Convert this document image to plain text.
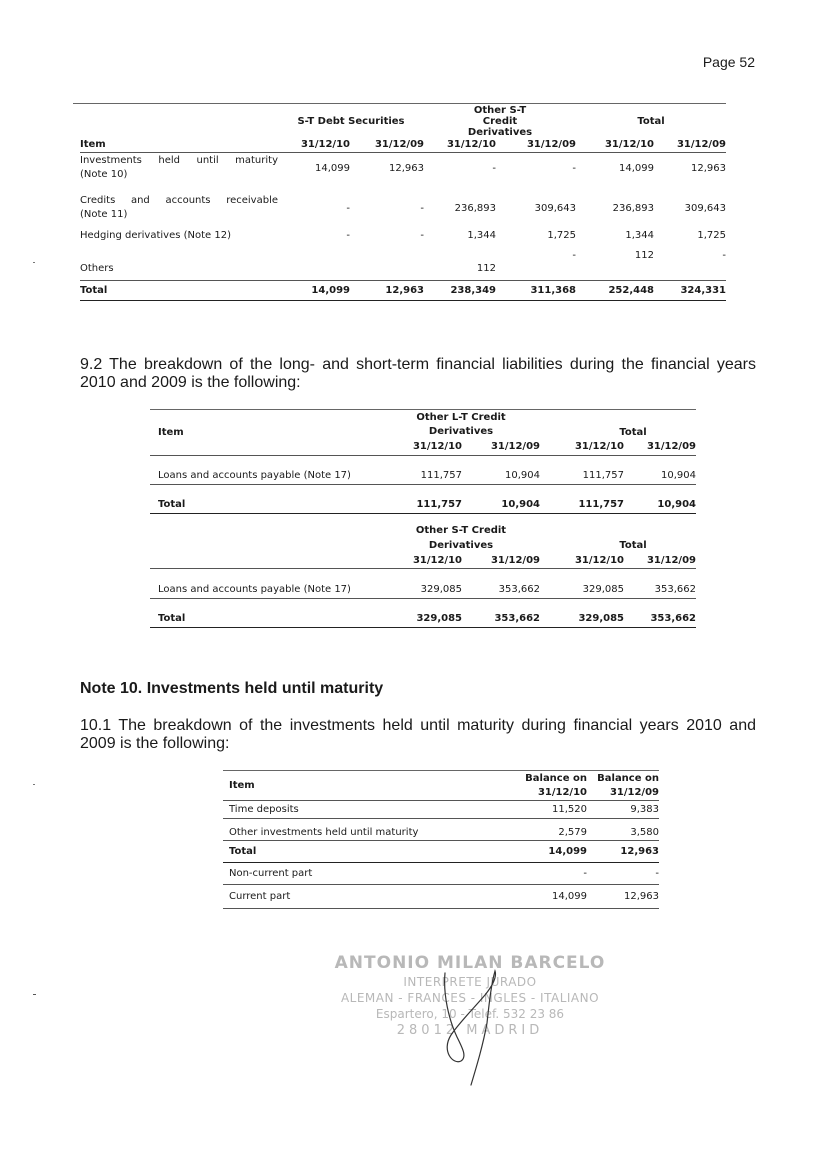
Page 52
	S-T Debt Securities		Other S-T Credit Derivatives		Total	
Item	31/12/10	31/12/09	31/12/10	31/12/09	31/12/10	31/12/09

Investments held until maturity
(Note 10)	14,099	12,963	-	-	14,099	12,963

Credits and accounts receivable
(Note 11)	-	-	236,893	309,643	236,893	309,643
Hedging derivatives (Note 12)	-	-	1,344	1,725	1,344	1,725
Others			112	-	112	-

Total	14,099	12,963	238,349	311,368	252,448	324,331
9.2 The breakdown of the long- and short-term financial liabilities during the financial years 2010 and 2009 is the following:
	Other L-T Credit Derivatives			
Item			Total	
	31/12/10	31/12/09	31/12/10	31/12/09

Loans and accounts payable (Note 17)	111,757	10,904	111,757	10,904

Total	111,757	10,904	111,757	10,904

	Other S-T Credit Derivatives			
			Total	
	31/12/10	31/12/09	31/12/10	31/12/09

Loans and accounts payable (Note 17)	329,085	353,662	329,085	353,662

Total	329,085	353,662	329,085	353,662
Note 10. Investments held until maturity
10.1 The breakdown of the investments held until maturity during financial years 2010 and 2009 is the following:
Item	Balance on	Balance on
	31/12/10	31/12/09
Time deposits	11,520	9,383
Other investments held until maturity	2,579	3,580
Total	14,099	12,963
Non-current part	-	-
Current part	14,099	12,963
ANTONIO MILAN BARCELO
INTERPRETE JURADO
ALEMAN - FRANCES - INGLES - ITALIANO
Espartero, 10 - Telef. 532 23 86
28012 MADRID
